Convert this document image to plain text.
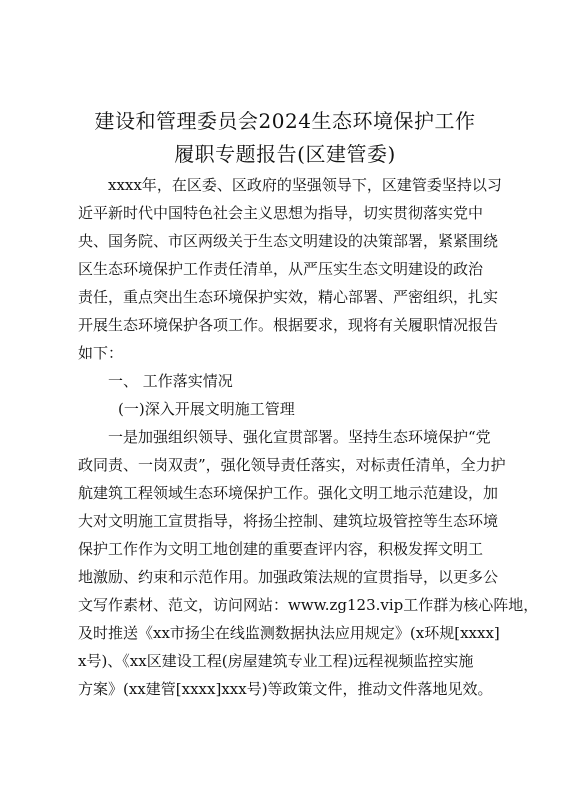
建设和管理委员会2024生态环境保护工作
履职专题报告(区建管委)
xxxx年，在区委、区政府的坚强领导下，区建管委坚持以习
近平新时代中国特色社会主义思想为指导，切实贯彻落实党中
央、国务院、市区两级关于生态文明建设的决策部署，紧紧围绕
区生态环境保护工作责任清单，从严压实生态文明建设的政治
责任，重点突出生态环境保护实效，精心部署、严密组织，扎实
开展生态环境保护各项工作。根据要求，现将有关履职情况报告
如下：
一、 工作落实情况
(一)深入开展文明施工管理
一是加强组织领导、强化宣贯部署。坚持生态环境保护“党
政同责、一岗双责”，强化领导责任落实，对标责任清单，全力护
航建筑工程领域生态环境保护工作。强化文明工地示范建设，加
大对文明施工宣贯指导，将扬尘控制、建筑垃圾管控等生态环境
保护工作作为文明工地创建的重要查评内容，积极发挥文明工
地激励、约束和示范作用。加强政策法规的宣贯指导，以更多公
文写作素材、范文，访问网站：www.zg123.vip工作群为核心阵地，
及时推送《xx市扬尘在线监测数据执法应用规定》(x环规[xxxx]
x号)、《xx区建设工程(房屋建筑专业工程)远程视频监控实施
方案》(xx建管[xxxx]xxx号)等政策文件，推动文件落地见效。
